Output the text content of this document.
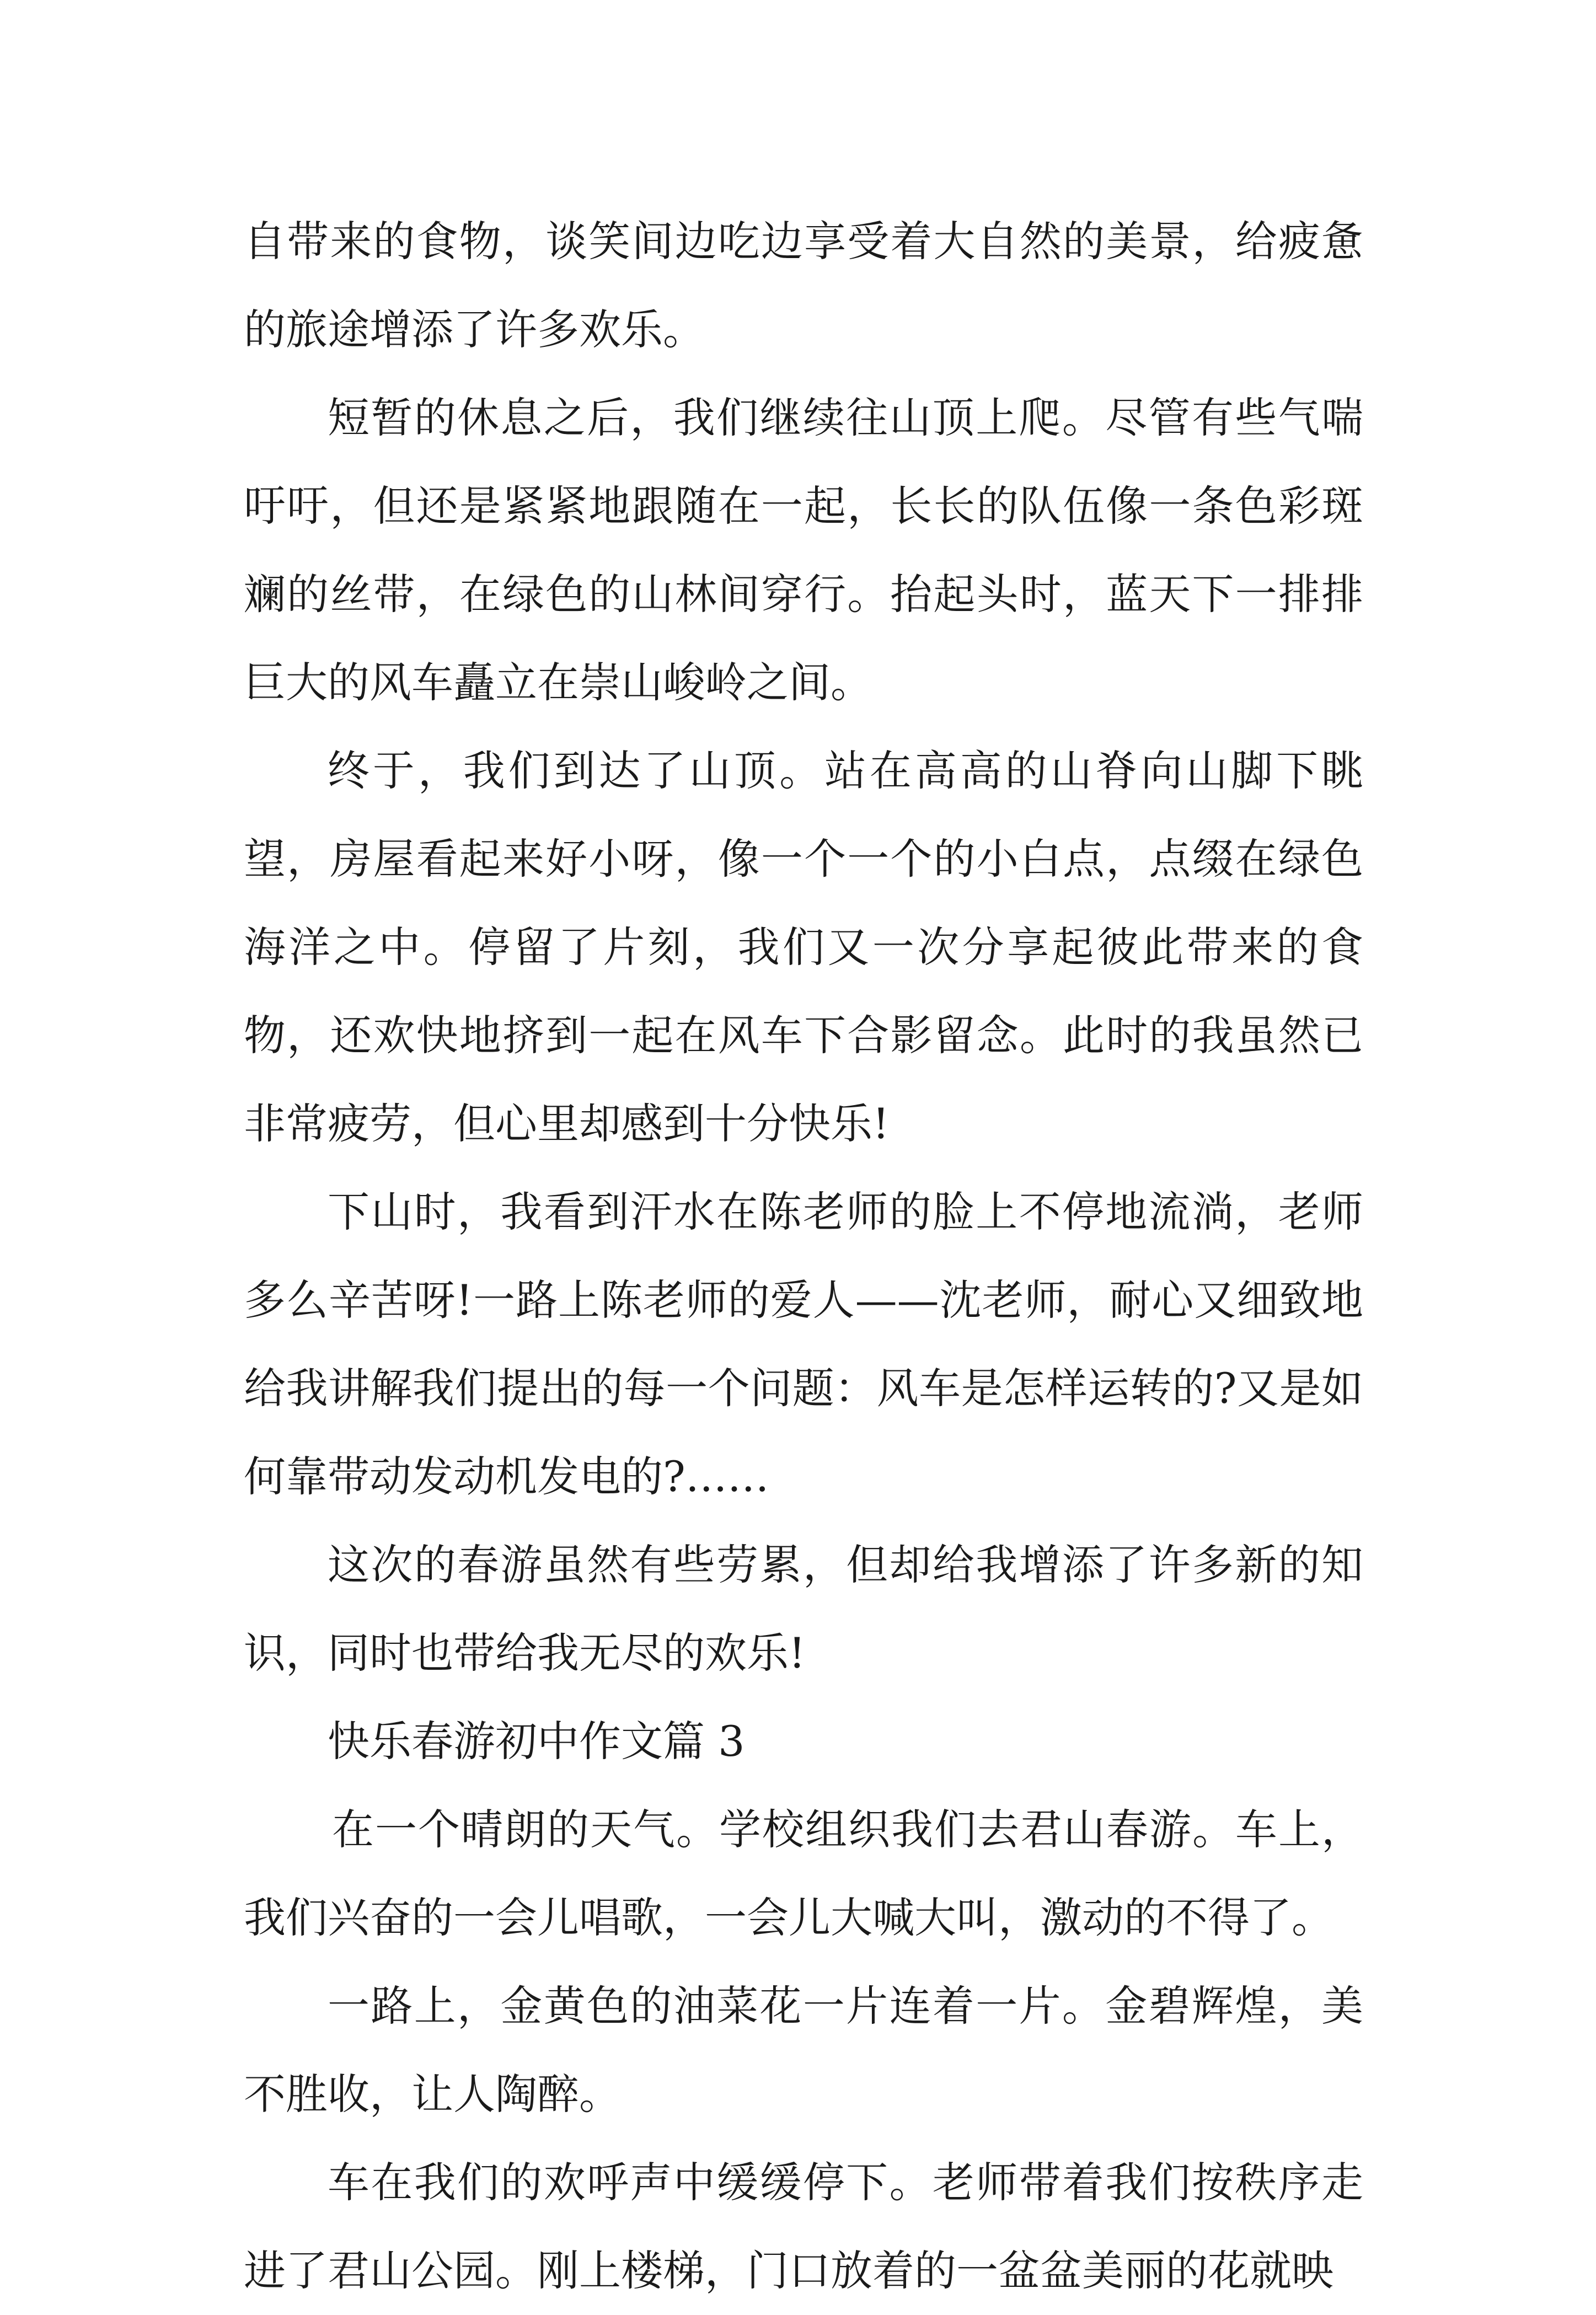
自带来的食物，谈笑间边吃边享受着大自然的美景，给疲惫的旅途增添了许多欢乐。

短暂的休息之后，我们继续往山顶上爬。尽管有些气喘吁吁，但还是紧紧地跟随在一起，长长的队伍像一条色彩斑斓的丝带，在绿色的山林间穿行。抬起头时，蓝天下一排排巨大的风车矗立在崇山峻岭之间。

终于，我们到达了山顶。站在高高的山脊向山脚下眺望，房屋看起来好小呀，像一个一个的小白点，点缀在绿色海洋之中。停留了片刻，我们又一次分享起彼此带来的食物，还欢快地挤到一起在风车下合影留念。此时的我虽然已非常疲劳，但心里却感到十分快乐!

下山时，我看到汗水在陈老师的脸上不停地流淌，老师多么辛苦呀!一路上陈老师的爱人——沈老师，耐心又细致地给我讲解我们提出的每一个问题：风车是怎样运转的?又是如何靠带动发动机发电的?……

这次的春游虽然有些劳累，但却给我增添了许多新的知识，同时也带给我无尽的欢乐!

快乐春游初中作文篇 3

在一个晴朗的天气。学校组织我们去君山春游。车上，我们兴奋的一会儿唱歌，一会儿大喊大叫，激动的不得了。

一路上，金黄色的油菜花一片连着一片。金碧辉煌，美不胜收，让人陶醉。

车在我们的欢呼声中缓缓停下。老师带着我们按秩序走进了君山公园。刚上楼梯，门口放着的一盆盆美丽的花就映
